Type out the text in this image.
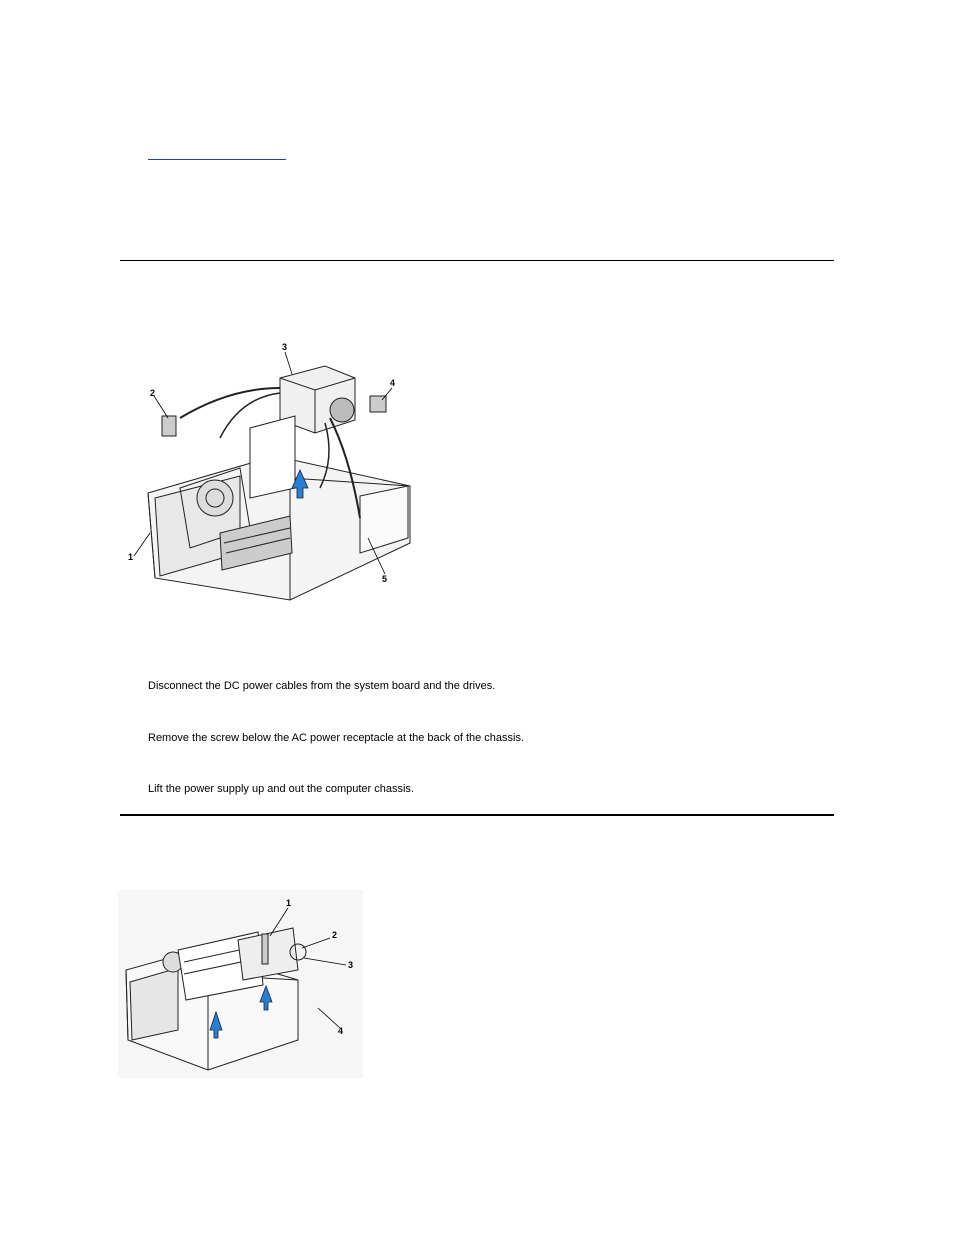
2
3
4
1
5
Disconnect the DC power cables from the system board and the drives.
Remove the screw below the AC power receptacle at the back of the chassis.
Lift the power supply up and out the computer chassis.
1
2
3
4
